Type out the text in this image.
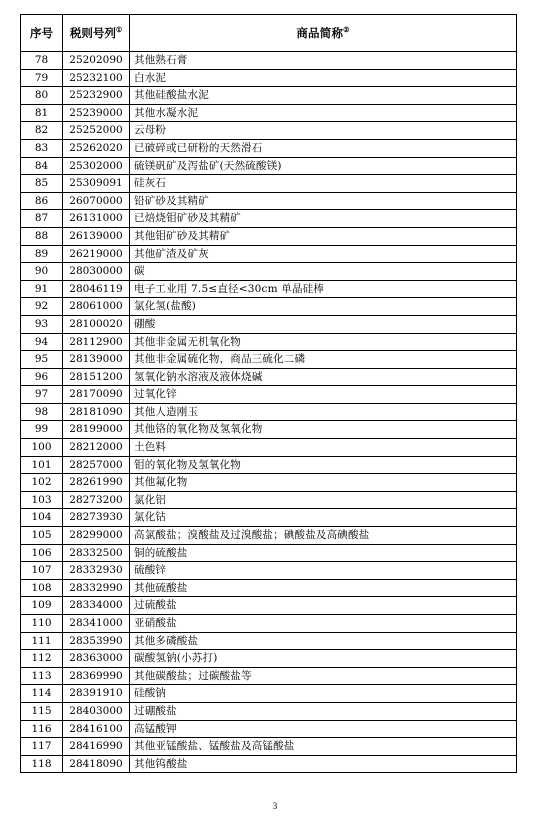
序号	税则号列①	商品简称②
78	25202090	其他熟石膏
79	25232100	白水泥
80	25232900	其他硅酸盐水泥
81	25239000	其他水凝水泥
82	25252000	云母粉
83	25262020	已破碎或已研粉的天然滑石
84	25302000	硫镁矾矿及泻盐矿(天然硫酸镁)
85	25309091	硅灰石
86	26070000	铅矿砂及其精矿
87	26131000	已焙烧钼矿砂及其精矿
88	26139000	其他钼矿砂及其精矿
89	26219000	其他矿渣及矿灰
90	28030000	碳
91	28046119	电子工业用 7.5≤直径<30cm 单晶硅棒
92	28061000	氯化氢(盐酸)
93	28100020	硼酸
94	28112900	其他非金属无机氧化物
95	28139000	其他非金属硫化物，商品三硫化二磷
96	28151200	氢氧化钠水溶液及液体烧碱
97	28170090	过氧化锌
98	28181090	其他人造刚玉
99	28199000	其他铬的氧化物及氢氧化物
100	28212000	土色料
101	28257000	钼的氧化物及氢氧化物
102	28261990	其他氟化物
103	28273200	氯化铝
104	28273930	氯化钴
105	28299000	高氯酸盐；溴酸盐及过溴酸盐；碘酸盐及高碘酸盐
106	28332500	铜的硫酸盐
107	28332930	硫酸锌
108	28332990	其他硫酸盐
109	28334000	过硫酸盐
110	28341000	亚硝酸盐
111	28353990	其他多磷酸盐
112	28363000	碳酸氢钠(小苏打)
113	28369990	其他碳酸盐；过碳酸盐等
114	28391910	硅酸钠
115	28403000	过硼酸盐
116	28416100	高锰酸钾
117	28416990	其他亚锰酸盐、锰酸盐及高锰酸盐
118	28418090	其他钨酸盐
3
